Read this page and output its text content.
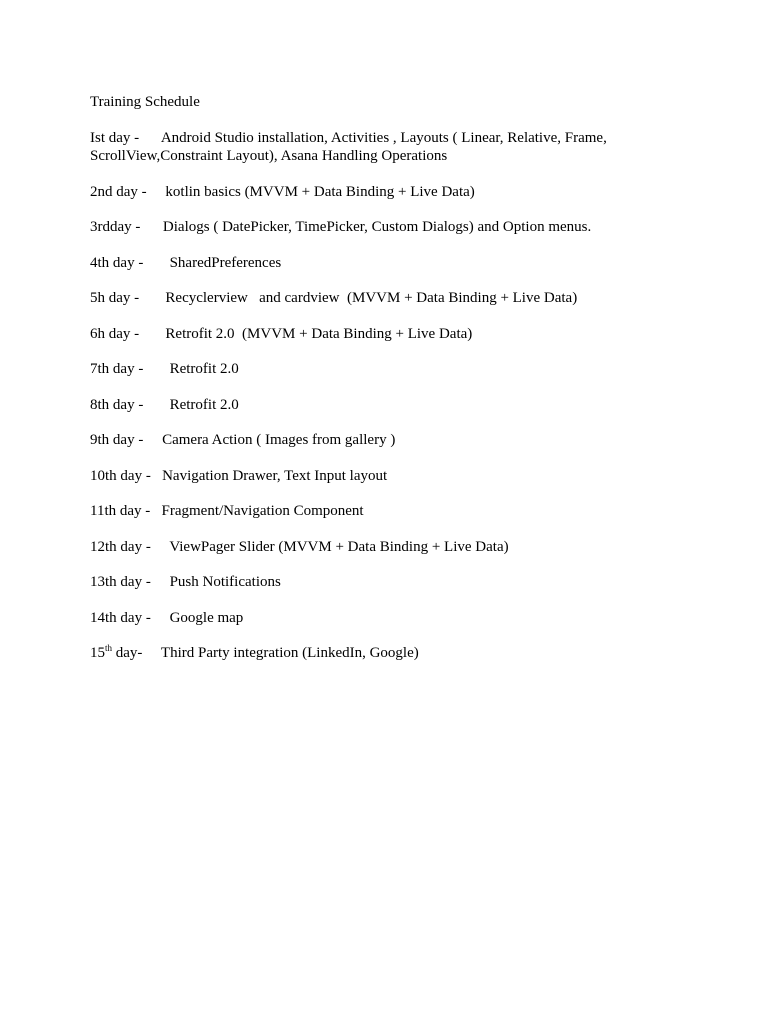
Training Schedule
Ist day - Android Studio installation, Activities , Layouts ( Linear, Relative, Frame, ScrollView,Constraint Layout), Asana Handling Operations
2nd day - kotlin basics (MVVM + Data Binding + Live Data)
3rdday - Dialogs ( DatePicker, TimePicker, Custom Dialogs) and Option menus.
4th day - SharedPreferences
5h day - Recyclerview   and cardview  (MVVM + Data Binding + Live Data)
6h day - Retrofit 2.0  (MVVM + Data Binding + Live Data)
7th day - Retrofit 2.0
8th day - Retrofit 2.0
9th day - Camera Action ( Images from gallery )
10th day - Navigation Drawer, Text Input layout
11th day - Fragment/Navigation Component
12th day - ViewPager Slider (MVVM + Data Binding + Live Data)
13th day - Push Notifications
14th day - Google map
15th day- Third Party integration (LinkedIn, Google)
